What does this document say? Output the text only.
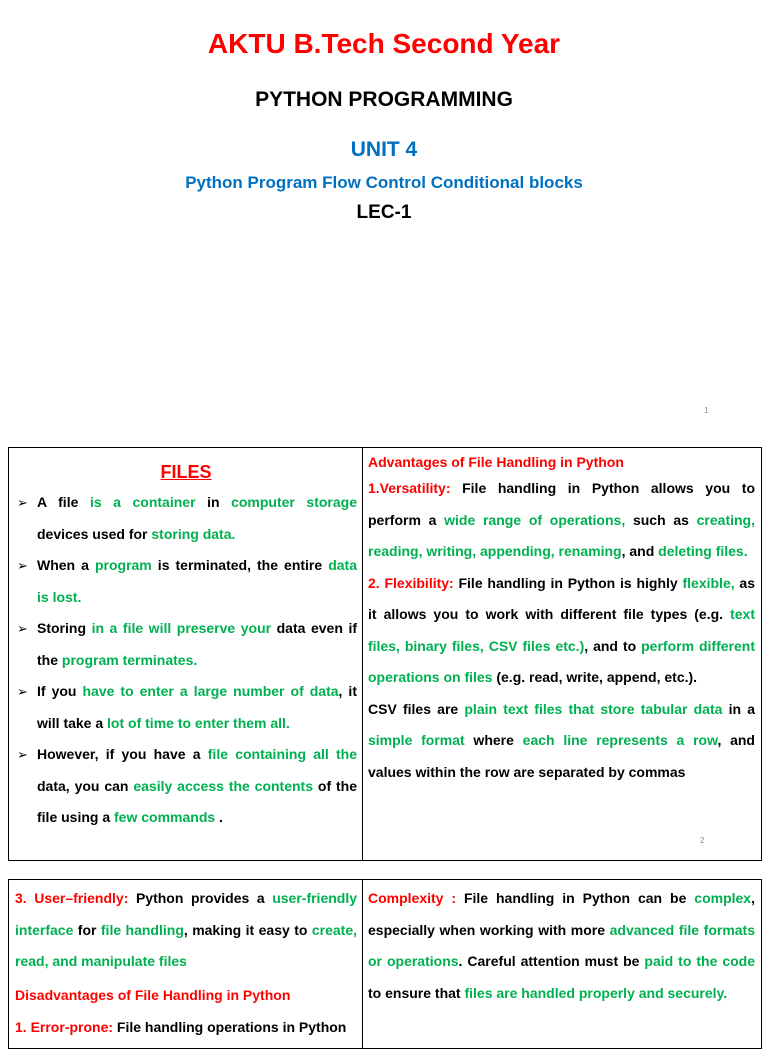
AKTU B.Tech Second Year
PYTHON PROGRAMMING
UNIT 4
Python Program Flow Control Conditional blocks
LEC-1
1
FILES
➢ A file is a container in computer storage devices used for storing data.
➢ When a program is terminated, the entire data is lost.
➢ Storing in a file will preserve your data even if the program terminates.
➢ If you have to enter a large number of data, it will take a lot of time to enter them all.
➢ However, if you have a file containing all the data, you can easily access the contents of the file using a few commands .

Advantages of File Handling in Python
1.Versatility: File handling in Python allows you to perform a wide range of operations, such as creating, reading, writing, appending, renaming, and deleting files.
2. Flexibility: File handling in Python is highly flexible, as it allows you to work with different file types (e.g. text files, binary files, CSV files etc.), and to perform different operations on files (e.g. read, write, append, etc.).
CSV files are plain text files that store tabular data in a simple format where each line represents a row, and values within the row are separated by commas
2
3. User–friendly: Python provides a user-friendly interface for file handling, making it easy to create, read, and manipulate files
Disadvantages of File Handling in Python
1. Error-prone: File handling operations in Python

Complexity : File handling in Python can be complex, especially when working with more advanced file formats or operations. Careful attention must be paid to the code to ensure that files are handled properly and securely.
